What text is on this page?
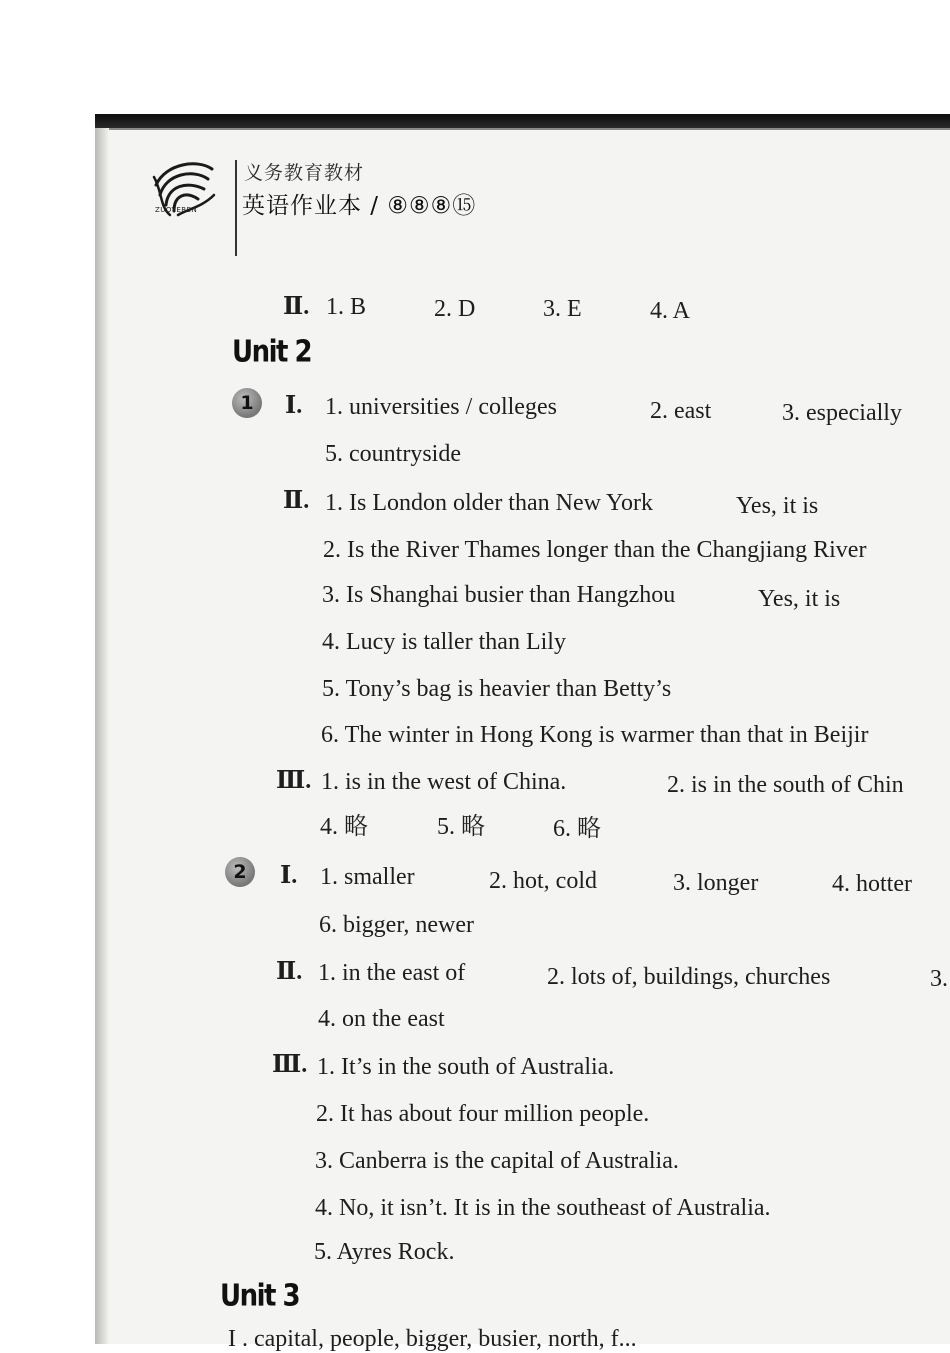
ZUOYEBEN
义务教育教材
英语作业本 / ⑧⑧⑧⑮
Ⅱ. 1. B	2. D	3. E	4. A
Unit 2
1	Ⅰ. 1. universities / colleges	2. east	3. especially
5. countryside
Ⅱ. 1. Is London older than New York	Yes, it is
2. Is the River Thames longer than the Changjiang River
3. Is Shanghai busier than Hangzhou	Yes, it is
4. Lucy is taller than Lily
5. Tony’s bag is heavier than Betty’s
6. The winter in Hong Kong is warmer than that in Beijir
Ⅲ. 1. is in the west of China.	2. is in the south of Chin
4. 略	5. 略	6. 略
2	Ⅰ. 1. smaller	2. hot, cold	3. longer	4. hotter
6. bigger, newer
Ⅱ. 1. in the east of	2. lots of, buildings, churches	3.
4. on the east
Ⅲ. 1. It’s in the south of Australia.
2. It has about four million people.
3. Canberra is the capital of Australia.
4. No, it isn’t. It is in the southeast of Australia.
5. Ayres Rock.
Unit 3
I . capital, people, bigger, busier, north, f...
